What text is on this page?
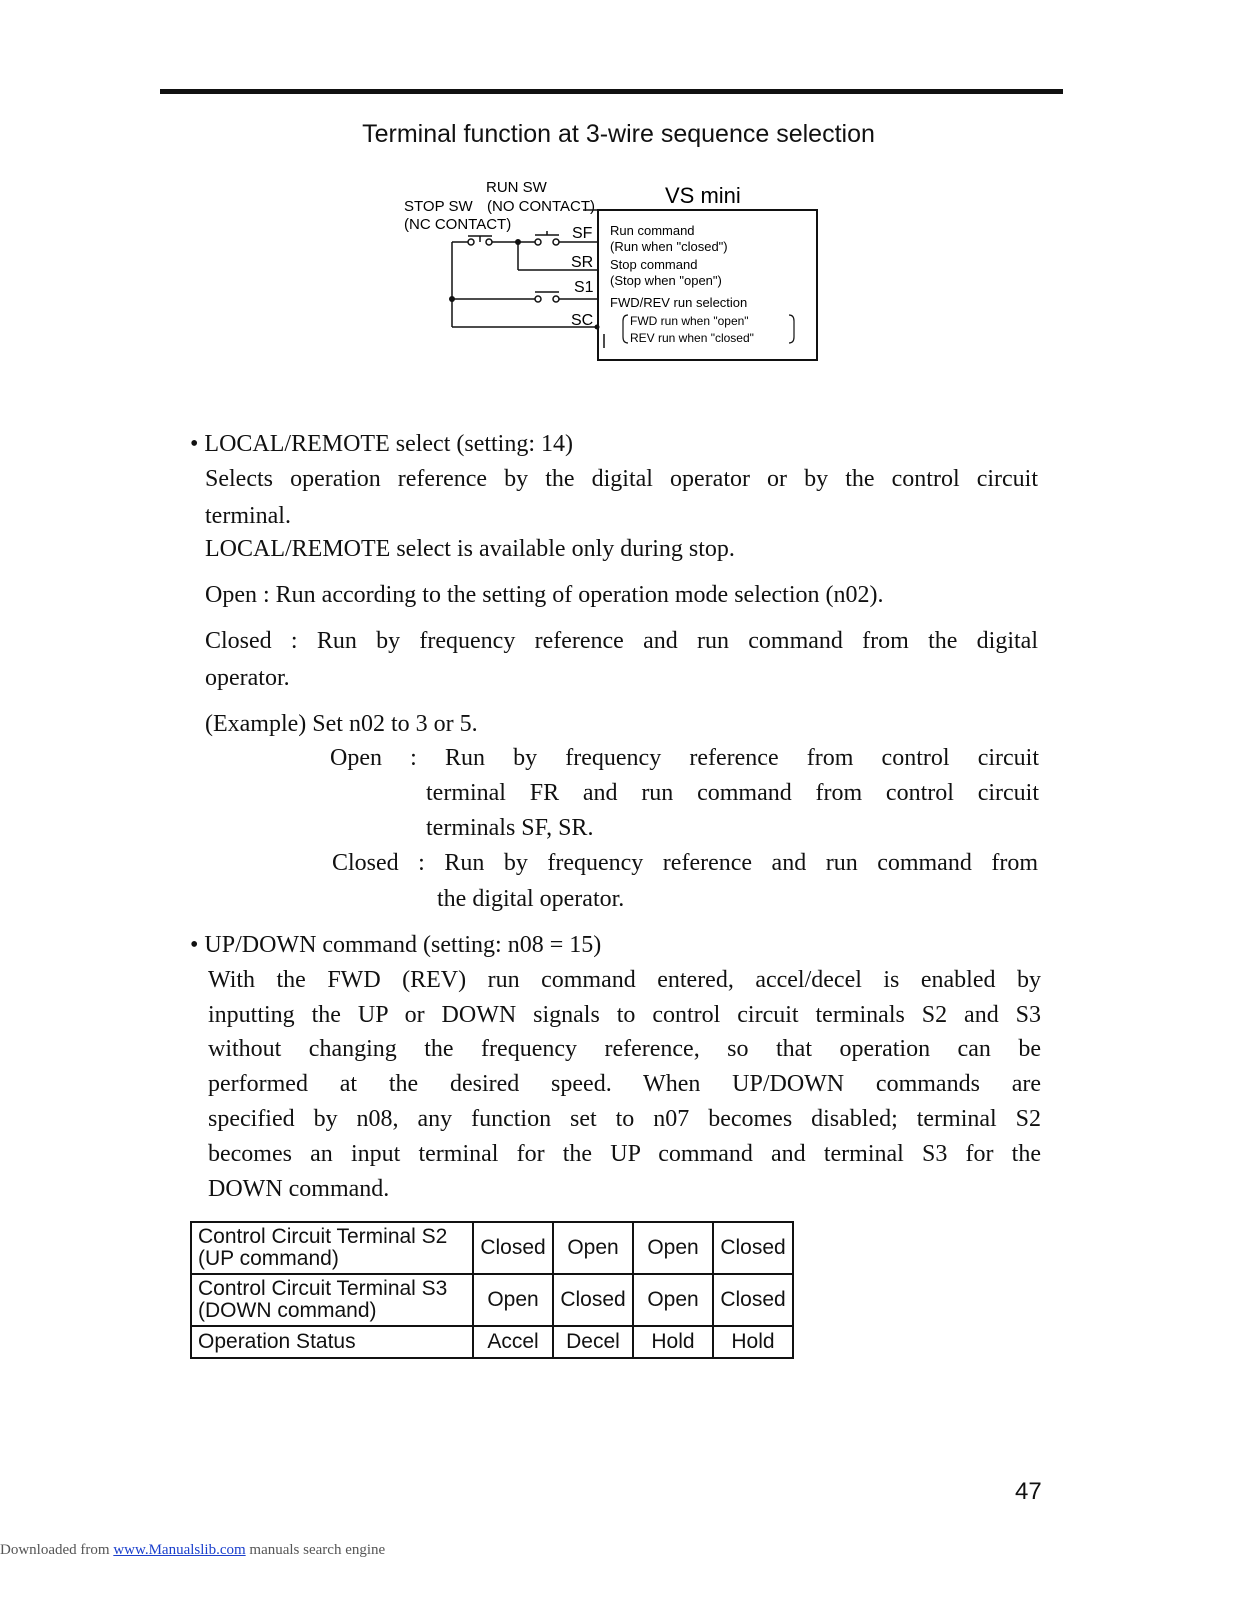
Terminal function at 3-wire sequence selection
RUN SW
STOP SW (NO CONTACT)
(NC CONTACT)
VS mini
SF
SR
S1
SC
Run command
(Run when "closed")
Stop command
(Stop when "open")
FWD/REV run selection
FWD run when "open"
REV run when "closed"
• LOCAL/REMOTE select (setting: 14)
Selects operation reference by the digital operator or by the control circuit
terminal.
LOCAL/REMOTE select is available only during stop.
Open : Run according to the setting of operation mode selection (n02).
Closed : Run by frequency reference and run command from the digital
operator.
(Example) Set n02 to 3 or 5.
Open : Run by frequency reference from control circuit
terminal FR and run command from control circuit
terminals SF, SR.
Closed : Run by frequency reference and run command from
the digital operator.
• UP/DOWN command (setting: n08 = 15)
With the FWD (REV) run command entered, accel/decel is enabled by
inputting the UP or DOWN signals to control circuit terminals S2 and S3
without changing the frequency reference, so that operation can be
performed at the desired speed. When UP/DOWN commands are
specified by n08, any function set to n07 becomes disabled; terminal S2
becomes an input terminal for the UP command and terminal S3 for the
DOWN command.
Control Circuit Terminal S2
(UP command)	Closed	Open	Open	Closed
Control Circuit Terminal S3
(DOWN command)	Open	Closed	Open	Closed
Operation Status	Accel	Decel	Hold	Hold
47
Downloaded from www.Manualslib.com manuals search engine
